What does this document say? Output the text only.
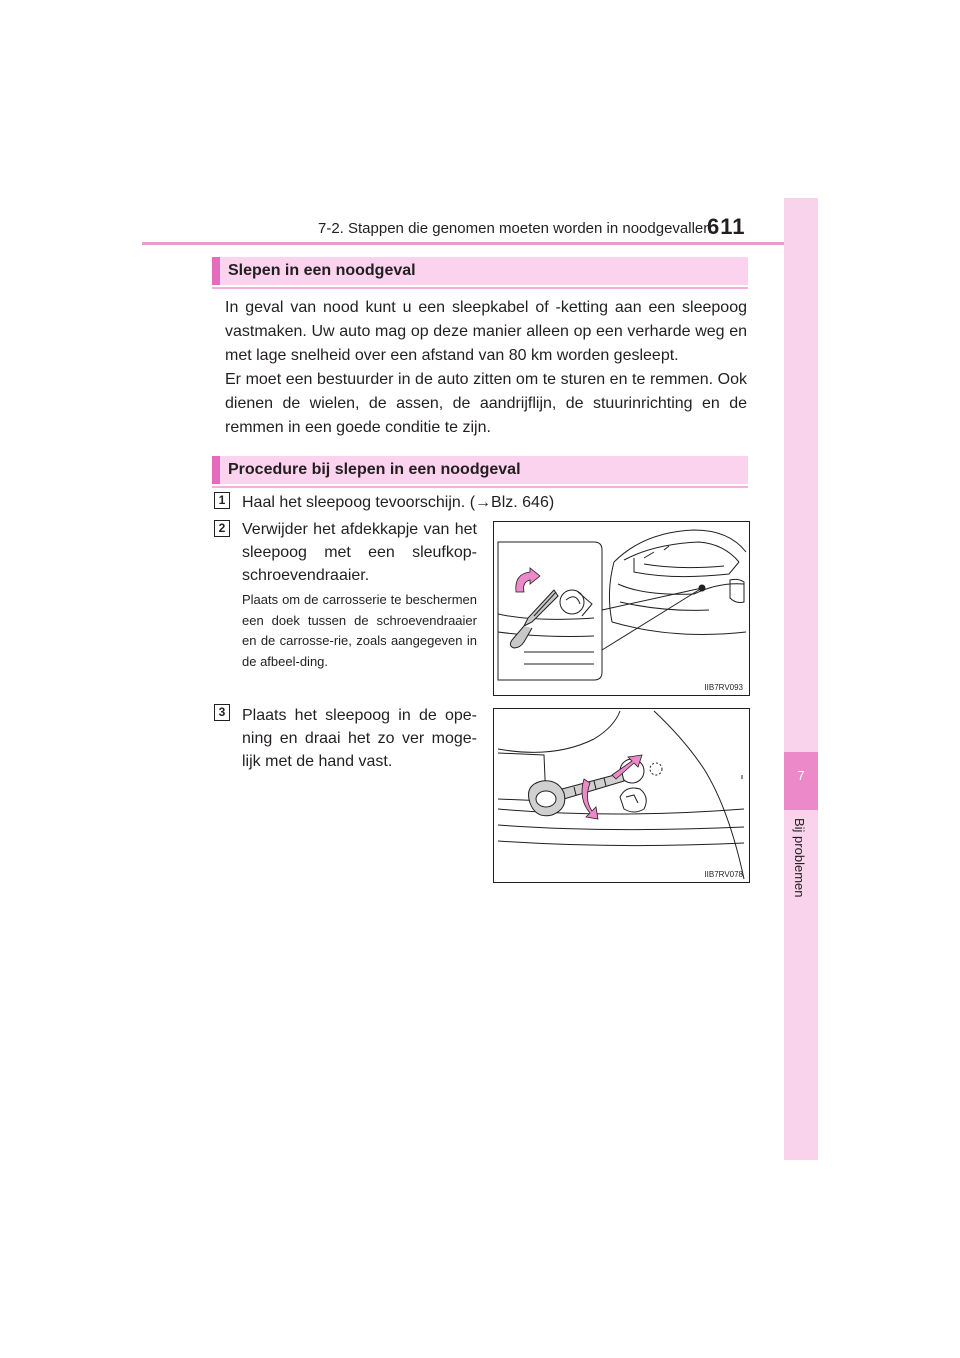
7-2. Stappen die genomen moeten worden in noodgevallen
611
7
Bij problemen
Slepen in een noodgeval

In geval van nood kunt u een sleepkabel of -ketting aan een sleepoog vastmaken. Uw auto mag op deze manier alleen op een verharde weg en met lage snelheid over een afstand van 80 km worden gesleept.

Er moet een bestuurder in de auto zitten om te sturen en te remmen. Ook dienen de wielen, de assen, de aandrijflijn, de stuurinrichting en de remmen in een goede conditie te zijn.

Procedure bij slepen in een noodgeval
1 Haal het sleepoog tevoorschijn. (→Blz. 646)
2 Verwijder het afdekkapje van het sleepoog met een sleufkop-schroevendraaier.
Plaats om de carrosserie te beschermen een doek tussen de schroevendraaier en de carrosse-rie, zoals aangegeven in de afbeel-ding.
IIB7RV093
3 Plaats het sleepoog in de ope-ning en draai het zo ver moge-lijk met de hand vast.
IIB7RV078
